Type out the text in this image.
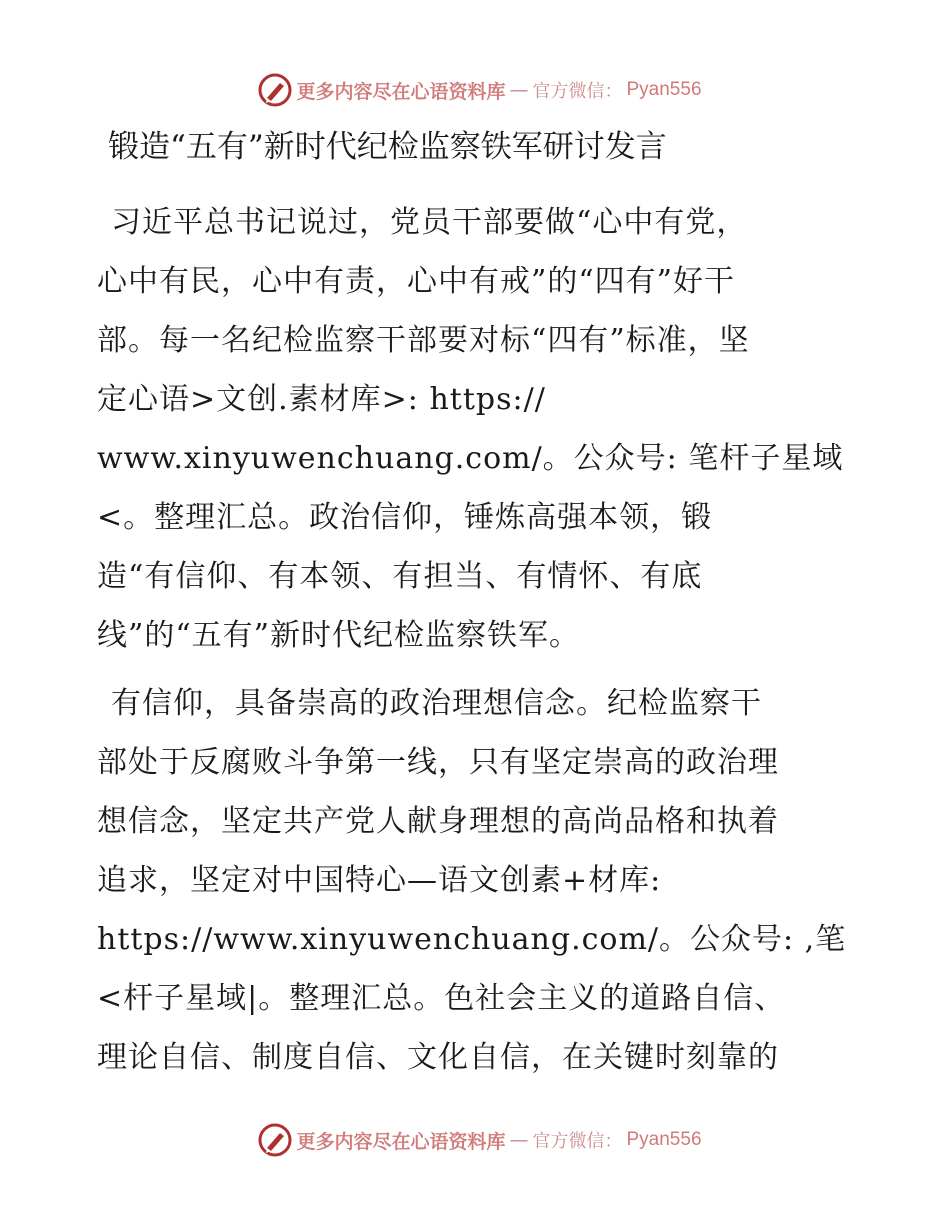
更多内容尽在心语资料库 — 官方微信： Pyan556
锻造“五有”新时代纪检监察铁军研讨发言
习近平总书记说过，党员干部要做“心中有党，
心中有民，心中有责，心中有戒”的“四有”好干
部。每一名纪检监察干部要对标“四有”标准，坚
定心语>文创.素材库>: https://
www.xinyuwenchuang.com/。公众号: 笔杆子星域
<。整理汇总。政治信仰，锤炼高强本领，锻
造“有信仰、有本领、有担当、有情怀、有底
线”的“五有”新时代纪检监察铁军。
有信仰，具备崇高的政治理想信念。纪检监察干
部处于反腐败斗争第一线，只有坚定崇高的政治理
想信念，坚定共产党人献身理想的高尚品格和执着
追求，坚定对中国特心—语文创素+材库:
https://www.xinyuwenchuang.com/。公众号: ,笔
<杆子星域|。整理汇总。色社会主义的道路自信、
理论自信、制度自信、文化自信，在关键时刻靠的
更多内容尽在心语资料库 — 官方微信： Pyan556
